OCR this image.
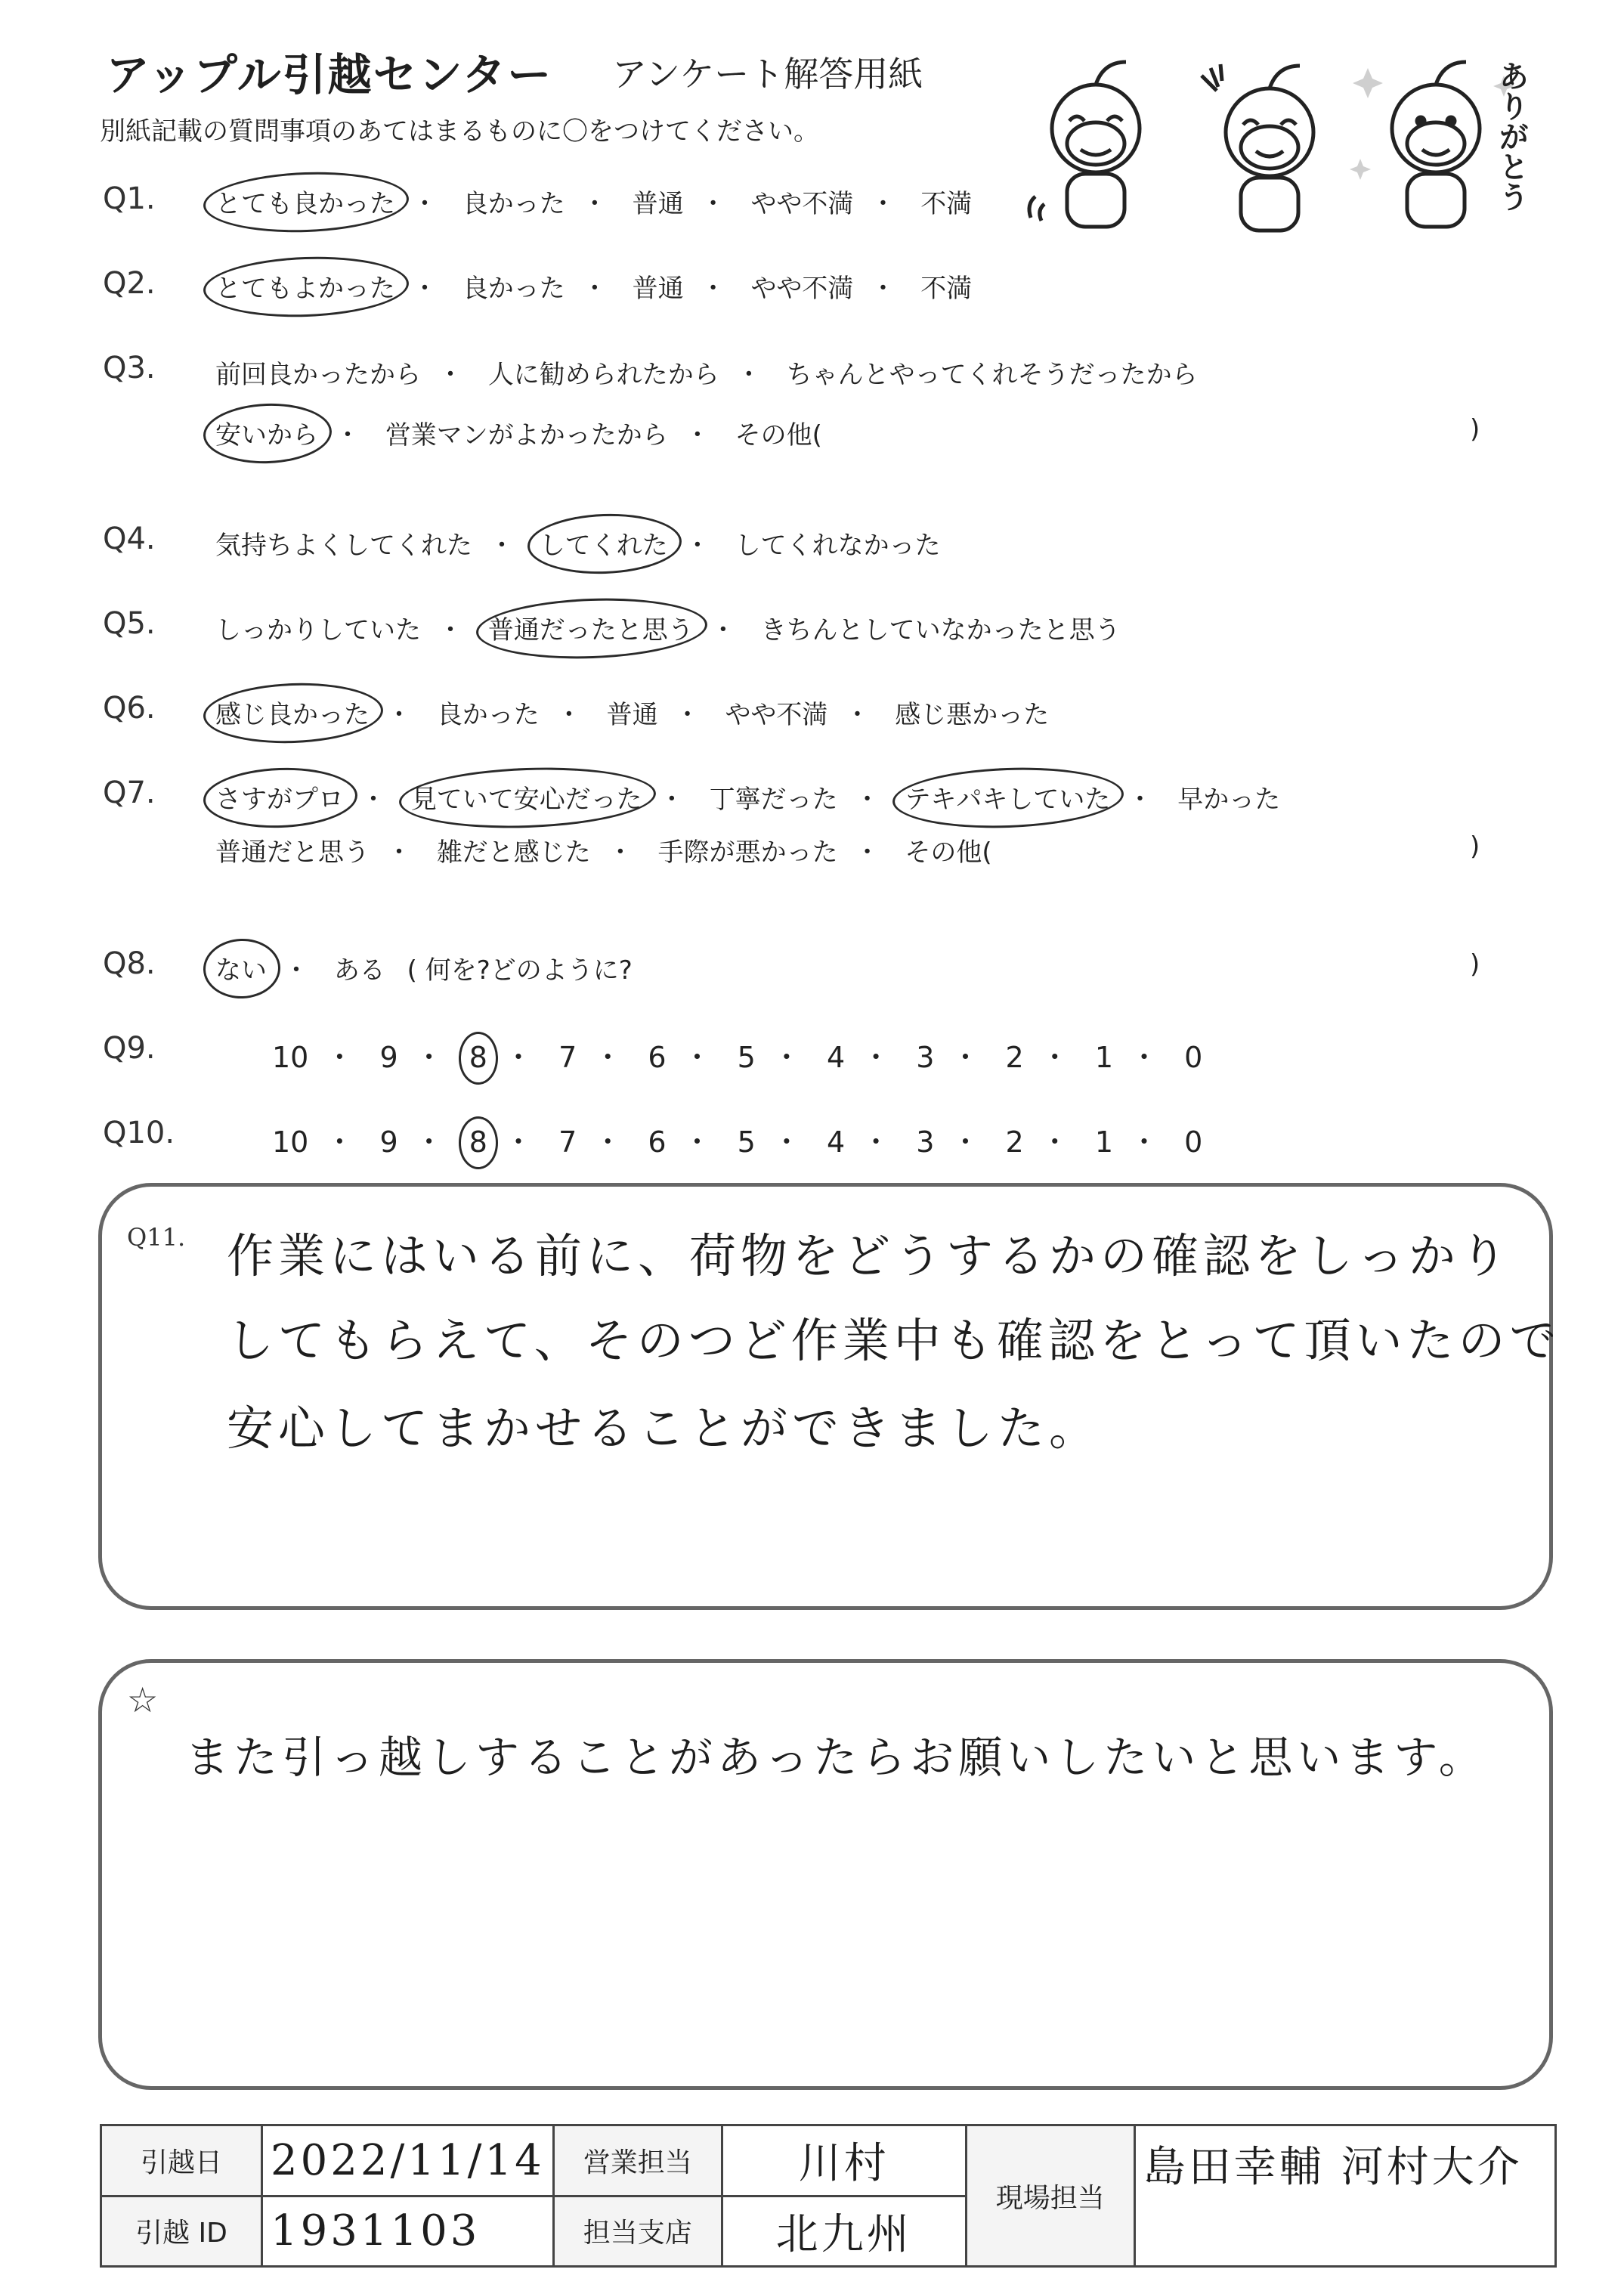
アップル引越センター アンケート解答用紙
別紙記載の質問事項のあてはまるものに〇をつけてください。	ありがとう
Q1. とても良かった ・ 良かった ・ 普通 ・ やや不満 ・ 不満
Q2. とてもよかった ・ 良かった ・ 普通 ・ やや不満 ・ 不満
Q3. 前回良かったから ・ 人に勧められたから ・ ちゃんとやってくれそうだったから
安いから ・ 営業マンがよかったから ・ その他(	)
Q4. 気持ちよくしてくれた ・ してくれた ・ してくれなかった
Q5. しっかりしていた ・ 普通だったと思う ・ きちんとしていなかったと思う
Q6. 感じ良かった ・ 良かった ・ 普通 ・ やや不満 ・ 感じ悪かった
Q7. さすがプロ ・ 見ていて安心だった ・ 丁寧だった ・ テキパキしていた ・ 早かった
普通だと思う ・ 雑だと感じた ・ 手際が悪かった ・ その他(	)
Q8. ない ・ ある ( 何を?どのように?	)
Q9.	10 ・ 9 ・ 8 ・ 7 ・ 6 ・ 5 ・ 4 ・ 3 ・ 2 ・ 1 ・ 0
Q10.	10 ・ 9 ・ 8 ・ 7 ・ 6 ・ 5 ・ 4 ・ 3 ・ 2 ・ 1 ・ 0
Q11. 作業にはいる前に、荷物をどうするかの確認をしっかり
してもらえて、そのつど作業中も確認をとって頂いたので
安心してまかせることができました。
☆
また引っ越しすることがあったらお願いしたいと思います。
引越日	2022/11/14	営業担当	川村	現場担当	島田幸輔 河村大介
引越 ID	1931103	担当支店	北九州		
